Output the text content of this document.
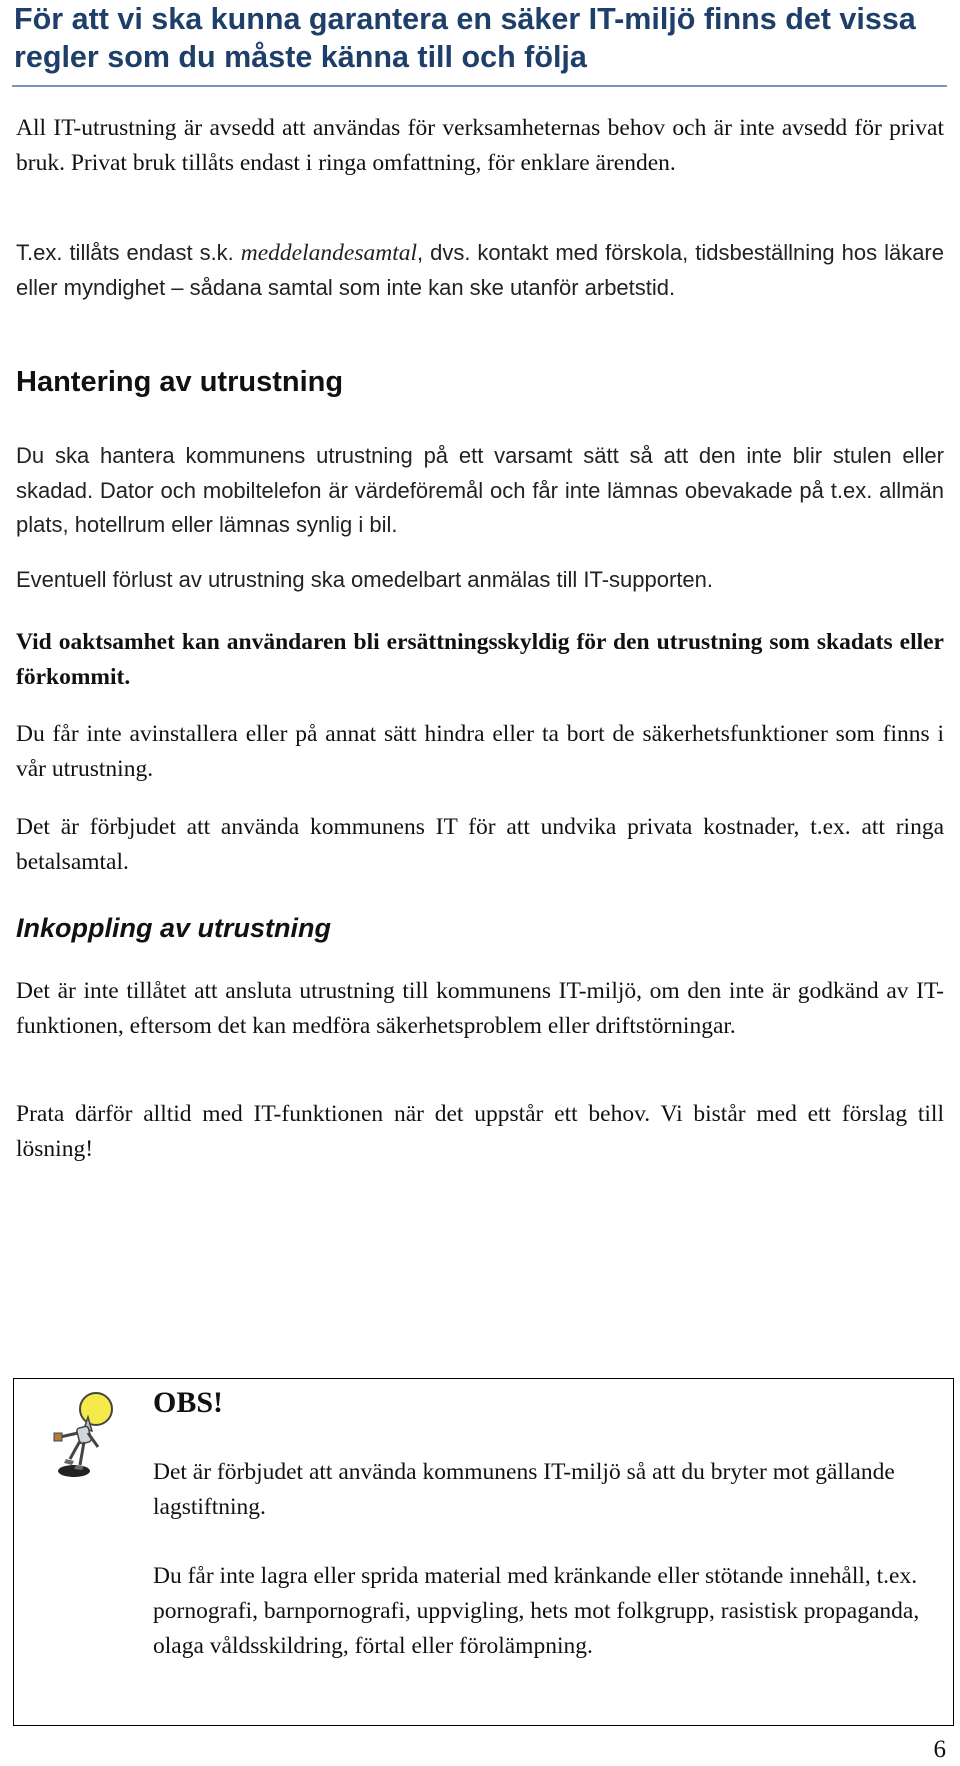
För att vi ska kunna garantera en säker IT-miljö finns det vissa regler som du måste känna till och följa

All IT-utrustning är avsedd att användas för verksamheternas behov och är inte avsedd för privat bruk. Privat bruk tillåts endast i ringa omfattning, för enklare ärenden.

T.ex. tillåts endast s.k. meddelandesamtal, dvs. kontakt med förskola, tidsbeställning hos läkare eller myndighet – sådana samtal som inte kan ske utanför arbetstid.

Hantering av utrustning

Du ska hantera kommunens utrustning på ett varsamt sätt så att den inte blir stulen eller skadad. Dator och mobiltelefon är värdeföremål och får inte lämnas obevakade på t.ex. allmän plats, hotellrum eller lämnas synlig i bil.

Eventuell förlust av utrustning ska omedelbart anmälas till IT-supporten.

Vid oaktsamhet kan användaren bli ersättningsskyldig för den utrustning som skadats eller förkommit.

Du får inte avinstallera eller på annat sätt hindra eller ta bort de säkerhetsfunktioner som finns i vår utrustning.

Det är förbjudet att använda kommunens IT för att undvika privata kostnader, t.ex. att ringa betalsamtal.

Inkoppling av utrustning

Det är inte tillåtet att ansluta utrustning till kommunens IT-miljö, om den inte är godkänd av IT-funktionen, eftersom det kan medföra säkerhetsproblem eller driftstörningar.

Prata därför alltid med IT-funktionen när det uppstår ett behov. Vi bistår med ett förslag till lösning!

OBS!

Det är förbjudet att använda kommunens IT-miljö så att du bryter mot gällande lagstiftning.

Du får inte lagra eller sprida material med kränkande eller stötande innehåll, t.ex. pornografi, barnpornografi, uppvigling, hets mot folkgrupp, rasistisk propaganda, olaga våldsskildring, förtal eller förolämpning.

6
